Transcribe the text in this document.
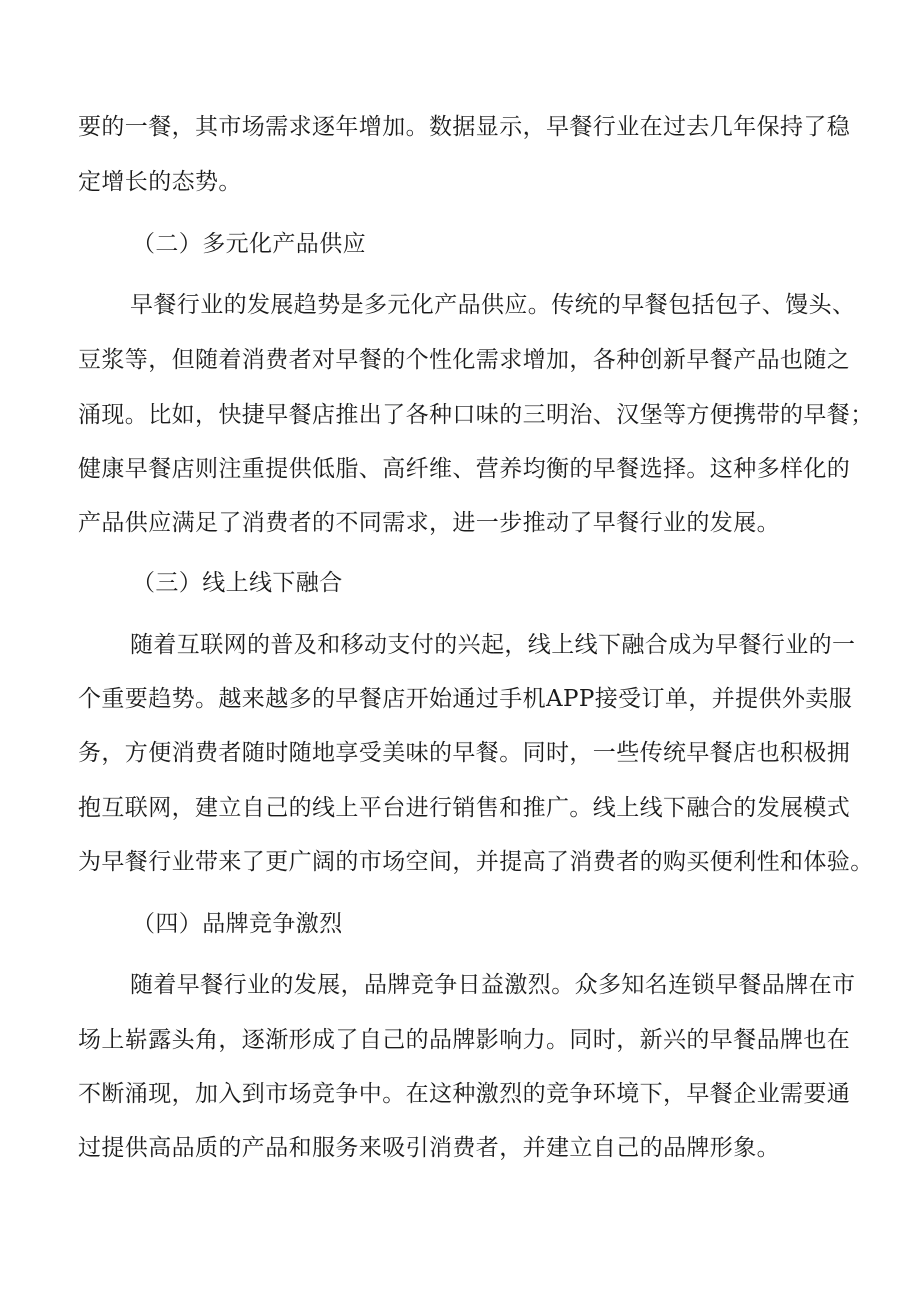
要的一餐，其市场需求逐年增加。数据显示，早餐行业在过去几年保持了稳
定增长的态势。
（二）多元化产品供应
早餐行业的发展趋势是多元化产品供应。传统的早餐包括包子、馒头、
豆浆等，但随着消费者对早餐的个性化需求增加，各种创新早餐产品也随之
涌现。比如，快捷早餐店推出了各种口味的三明治、汉堡等方便携带的早餐；
健康早餐店则注重提供低脂、高纤维、营养均衡的早餐选择。这种多样化的
产品供应满足了消费者的不同需求，进一步推动了早餐行业的发展。
（三）线上线下融合
随着互联网的普及和移动支付的兴起，线上线下融合成为早餐行业的一
个重要趋势。越来越多的早餐店开始通过手机APP接受订单，并提供外卖服
务，方便消费者随时随地享受美味的早餐。同时，一些传统早餐店也积极拥
抱互联网，建立自己的线上平台进行销售和推广。线上线下融合的发展模式
为早餐行业带来了更广阔的市场空间，并提高了消费者的购买便利性和体验。
（四）品牌竞争激烈
随着早餐行业的发展，品牌竞争日益激烈。众多知名连锁早餐品牌在市
场上崭露头角，逐渐形成了自己的品牌影响力。同时，新兴的早餐品牌也在
不断涌现，加入到市场竞争中。在这种激烈的竞争环境下，早餐企业需要通
过提供高品质的产品和服务来吸引消费者，并建立自己的品牌形象。
